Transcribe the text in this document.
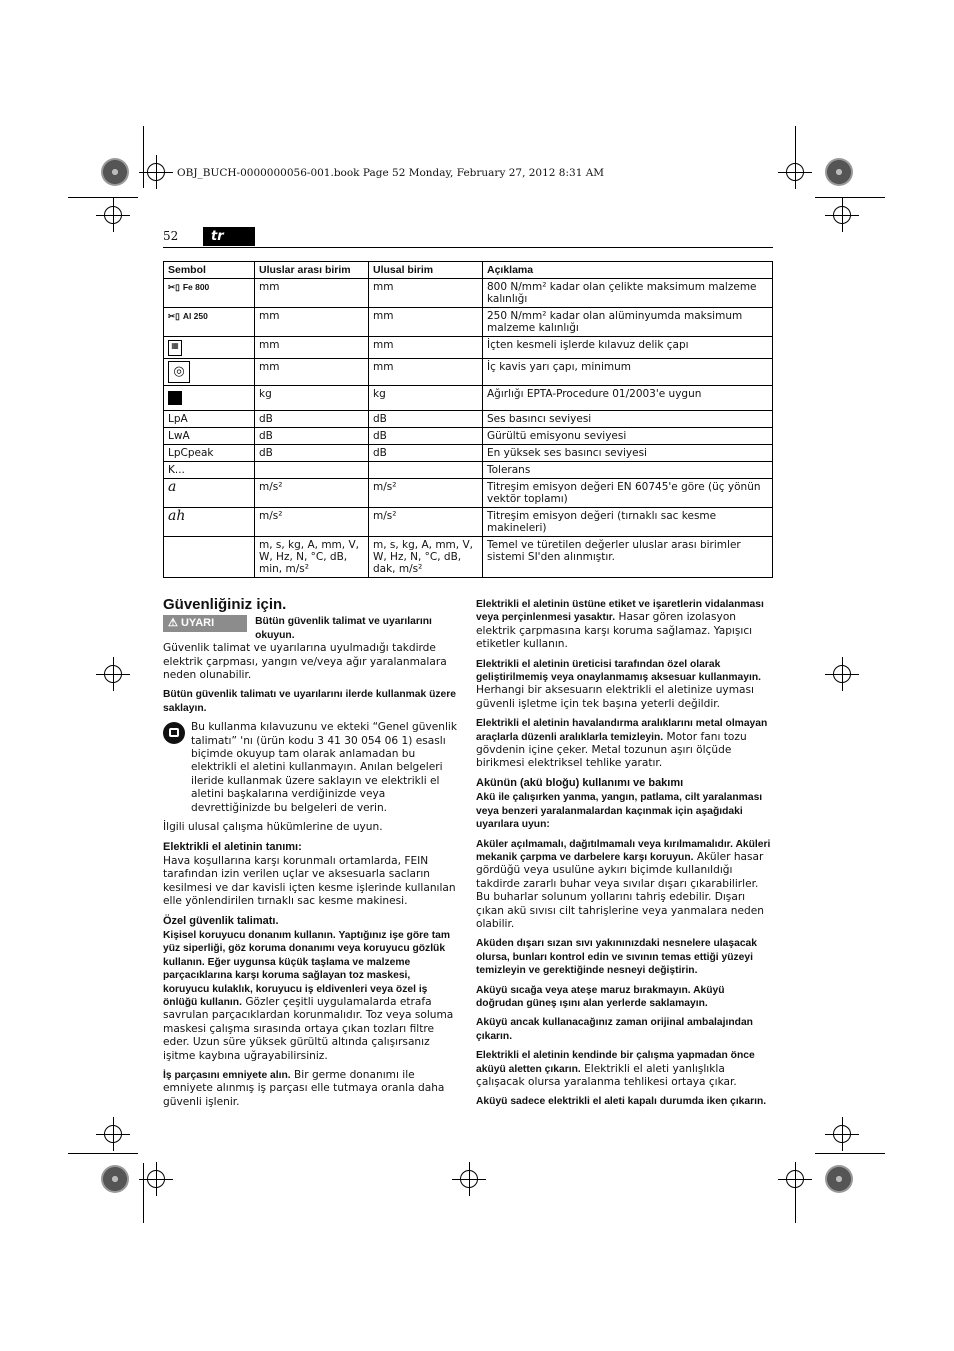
OBJ_BUCH-0000000056-001.book Page 52 Monday, February 27, 2012 8:31 AM
52	tr
Sembol	Uluslar arası birim	Ulusal birim	Açıklama

✂▯ Fe 800	mm	mm	800 N/mm² kadar olan çelikte maksimum malzeme kalınlığı

✂▯ Al 250	mm	mm	250 N/mm² kadar olan alüminyumda maksimum malzeme kalınlığı
▦	mm	mm	İçten kesmeli işlerde kılavuz delik çapı
◎	mm	mm	İç kavis yarı çapı, minimum
	kg	kg	Ağırlığı EPTA-Procedure 01/2003'e uygun
LpA	dB	dB	Ses basıncı seviyesi
LwA	dB	dB	Gürültü emisyonu seviyesi
LpCpeak	dB	dB	En yüksek ses basıncı seviyesi
K...			Tolerans
a	m/s²	m/s²	Titreşim emisyon değeri EN 60745'e göre (üç yönün vektör toplamı)
ah	m/s²	m/s²	Titreşim emisyon değeri (tırnaklı sac kesme makineleri)
	m, s, kg, A, mm, V, W, Hz, N, °C, dB, min, m/s²	m, s, kg, A, mm, V, W, Hz, N, °C, dB, dak, m/s²	Temel ve türetilen değerler uluslar arası birimler sistemi SI'den alınmıştır.
Güvenliğiniz için.
⚠ UYARI	Bütün güvenlik talimat ve uyarılarını okuyun.

Güvenlik talimat ve uyarılarına uyulmadığı takdirde elektrik çarpması, yangın ve/veya ağır yaralanmalara neden olunabilir.

Bütün güvenlik talimatı ve uyarılarını ilerde kullanmak üzere saklayın.

Bu kullanma kılavuzunu ve ekteki “Genel güvenlik talimatı” 'nı (ürün kodu 3 41 30 054 06 1) esaslı biçimde okuyup tam olarak anlamadan bu elektrikli el aletini kullanmayın. Anılan belgeleri ileride kullanmak üzere saklayın ve elektrikli el aletini başkalarına verdiğinizde veya devrettiğinizde bu belgeleri de verin.

İlgili ulusal çalışma hükümlerine de uyun.

Elektrikli el aletinin tanımı:

Hava koşullarına karşı korunmalı ortamlarda, FEIN tarafından izin verilen uçlar ve aksesuarla sacların kesilmesi ve dar kavisli içten kesme işlerinde kullanılan elle yönlendirilen tırnaklı sac kesme makinesi.

Özel güvenlik talimatı.

Kişisel koruyucu donanım kullanın. Yaptığınız işe göre tam yüz siperliği, göz koruma donanımı veya koruyucu gözlük kullanın. Eğer uygunsa küçük taşlama ve malzeme parçacıklarına karşı koruma sağlayan toz maskesi, koruyucu kulaklık, koruyucu iş eldivenleri veya özel iş önlüğü kullanın. Gözler çeşitli uygulamalarda etrafa savrulan parçacıklardan korunmalıdır. Toz veya soluma maskesi çalışma sırasında ortaya çıkan tozları filtre eder. Uzun süre yüksek gürültü altında çalışırsanız işitme kaybına uğrayabilirsiniz.

İş parçasını emniyete alın. Bir germe donanımı ile emniyete alınmış iş parçası elle tutmaya oranla daha güvenli işlenir.

Elektrikli el aletinin üstüne etiket ve işaretlerin vidalanması veya perçinlenmesi yasaktır. Hasar gören izolasyon elektrik çarpmasına karşı koruma sağlamaz. Yapışıcı etiketler kullanın.

Elektrikli el aletinin üreticisi tarafından özel olarak geliştirilmemiş veya onaylanmamış aksesuar kullanmayın. Herhangi bir aksesuarın elektrikli el aletinize uyması güvenli işletme için tek başına yeterli değildir.

Elektrikli el aletinin havalandırma aralıklarını metal olmayan araçlarla düzenli aralıklarla temizleyin. Motor fanı tozu gövdenin içine çeker. Metal tozunun aşırı ölçüde birikmesi elektriksel tehlike yaratır.

Akünün (akü bloğu) kullanımı ve bakımı

Akü ile çalışırken yanma, yangın, patlama, cilt yaralanması veya benzeri yaralanmalardan kaçınmak için aşağıdaki uyarılara uyun:

Aküler açılmamalı, dağıtılmamalı veya kırılmamalıdır. Aküleri mekanik çarpma ve darbelere karşı koruyun. Aküler hasar gördüğü veya usulüne aykırı biçimde kullanıldığı takdirde zararlı buhar veya sıvılar dışarı çıkarabilirler. Bu buharlar solunum yollarını tahriş edebilir. Dışarı çıkan akü sıvısı cilt tahrişlerine veya yanmalara neden olabilir.

Aküden dışarı sızan sıvı yakınınızdaki nesnelere ulaşacak olursa, bunları kontrol edin ve sıvının temas ettiği yüzeyi temizleyin ve gerektiğinde nesneyi değiştirin.

Aküyü sıcağa veya ateşe maruz bırakmayın. Aküyü doğrudan güneş ışını alan yerlerde saklamayın.

Aküyü ancak kullanacağınız zaman orijinal ambalajından çıkarın.

Elektrikli el aletinin kendinde bir çalışma yapmadan önce aküyü aletten çıkarın. Elektrikli el aleti yanlışlıkla çalışacak olursa yaralanma tehlikesi ortaya çıkar.

Aküyü sadece elektrikli el aleti kapalı durumda iken çıkarın.
